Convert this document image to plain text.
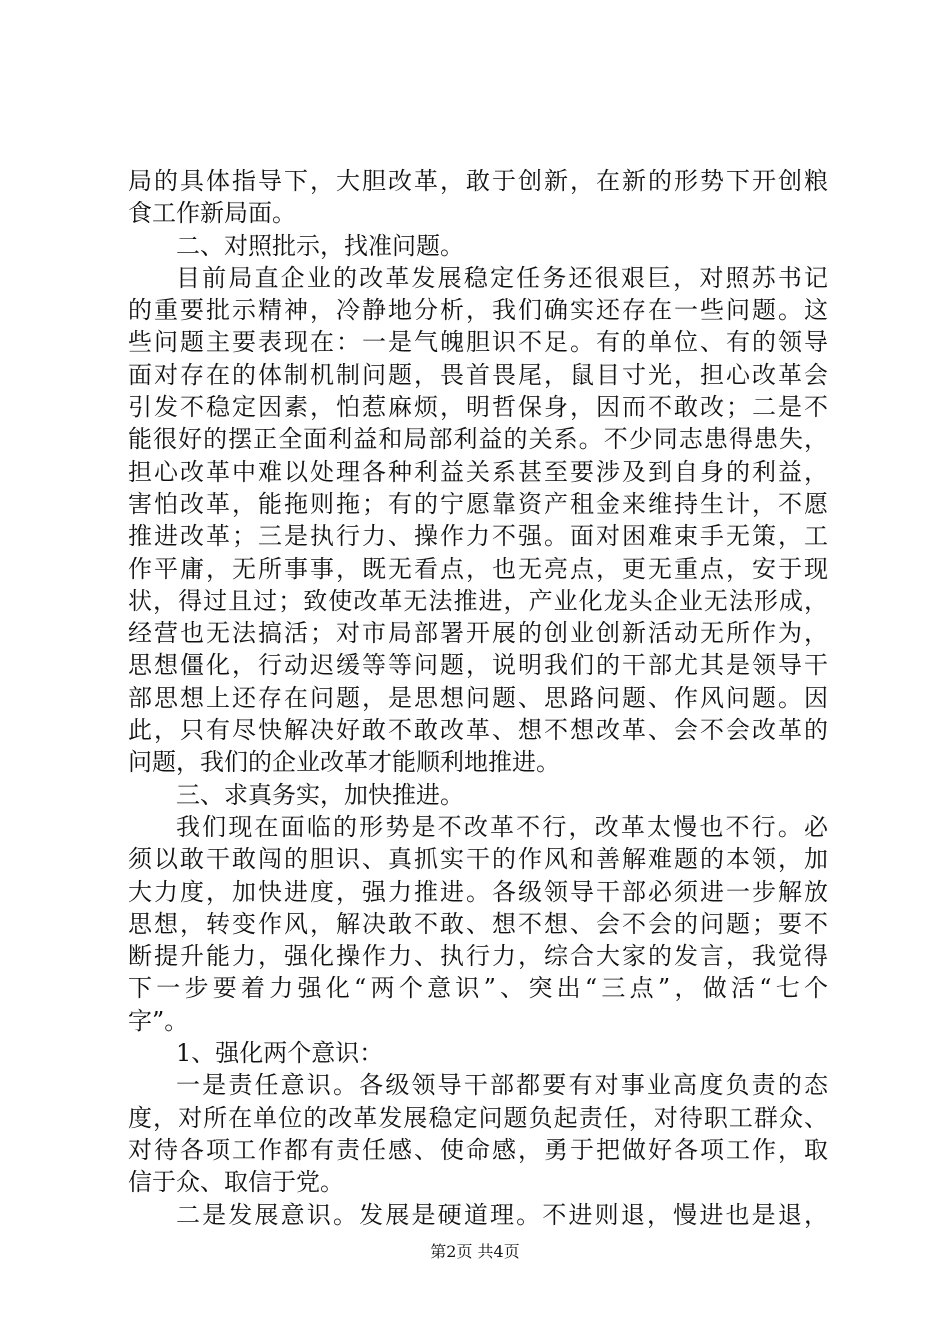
局的具体指导下，大胆改革，敢于创新，在新的形势下开创粮
食工作新局面。
二、对照批示，找准问题。
目前局直企业的改革发展稳定任务还很艰巨，对照苏书记
的重要批示精神，冷静地分析，我们确实还存在一些问题。这
些问题主要表现在：一是气魄胆识不足。有的单位、有的领导
面对存在的体制机制问题，畏首畏尾，鼠目寸光，担心改革会
引发不稳定因素，怕惹麻烦，明哲保身，因而不敢改；二是不
能很好的摆正全面利益和局部利益的关系。不少同志患得患失，
担心改革中难以处理各种利益关系甚至要涉及到自身的利益，
害怕改革，能拖则拖；有的宁愿靠资产租金来维持生计，不愿
推进改革；三是执行力、操作力不强。面对困难束手无策，工
作平庸，无所事事，既无看点，也无亮点，更无重点，安于现
状，得过且过；致使改革无法推进，产业化龙头企业无法形成，
经营也无法搞活；对市局部署开展的创业创新活动无所作为，
思想僵化，行动迟缓等等问题，说明我们的干部尤其是领导干
部思想上还存在问题，是思想问题、思路问题、作风问题。因
此，只有尽快解决好敢不敢改革、想不想改革、会不会改革的
问题，我们的企业改革才能顺利地推进。
三、求真务实，加快推进。
我们现在面临的形势是不改革不行，改革太慢也不行。必
须以敢干敢闯的胆识、真抓实干的作风和善解难题的本领，加
大力度，加快进度，强力推进。各级领导干部必须进一步解放
思想，转变作风，解决敢不敢、想不想、会不会的问题；要不
断提升能力，强化操作力、执行力，综合大家的发言，我觉得
下一步要着力强化“两个意识”、突出“三点”，做活“七个
字”。
1、强化两个意识：
一是责任意识。各级领导干部都要有对事业高度负责的态
度，对所在单位的改革发展稳定问题负起责任，对待职工群众、
对待各项工作都有责任感、使命感，勇于把做好各项工作，取
信于众、取信于党。
二是发展意识。发展是硬道理。不进则退，慢进也是退，
第2页 共4页
